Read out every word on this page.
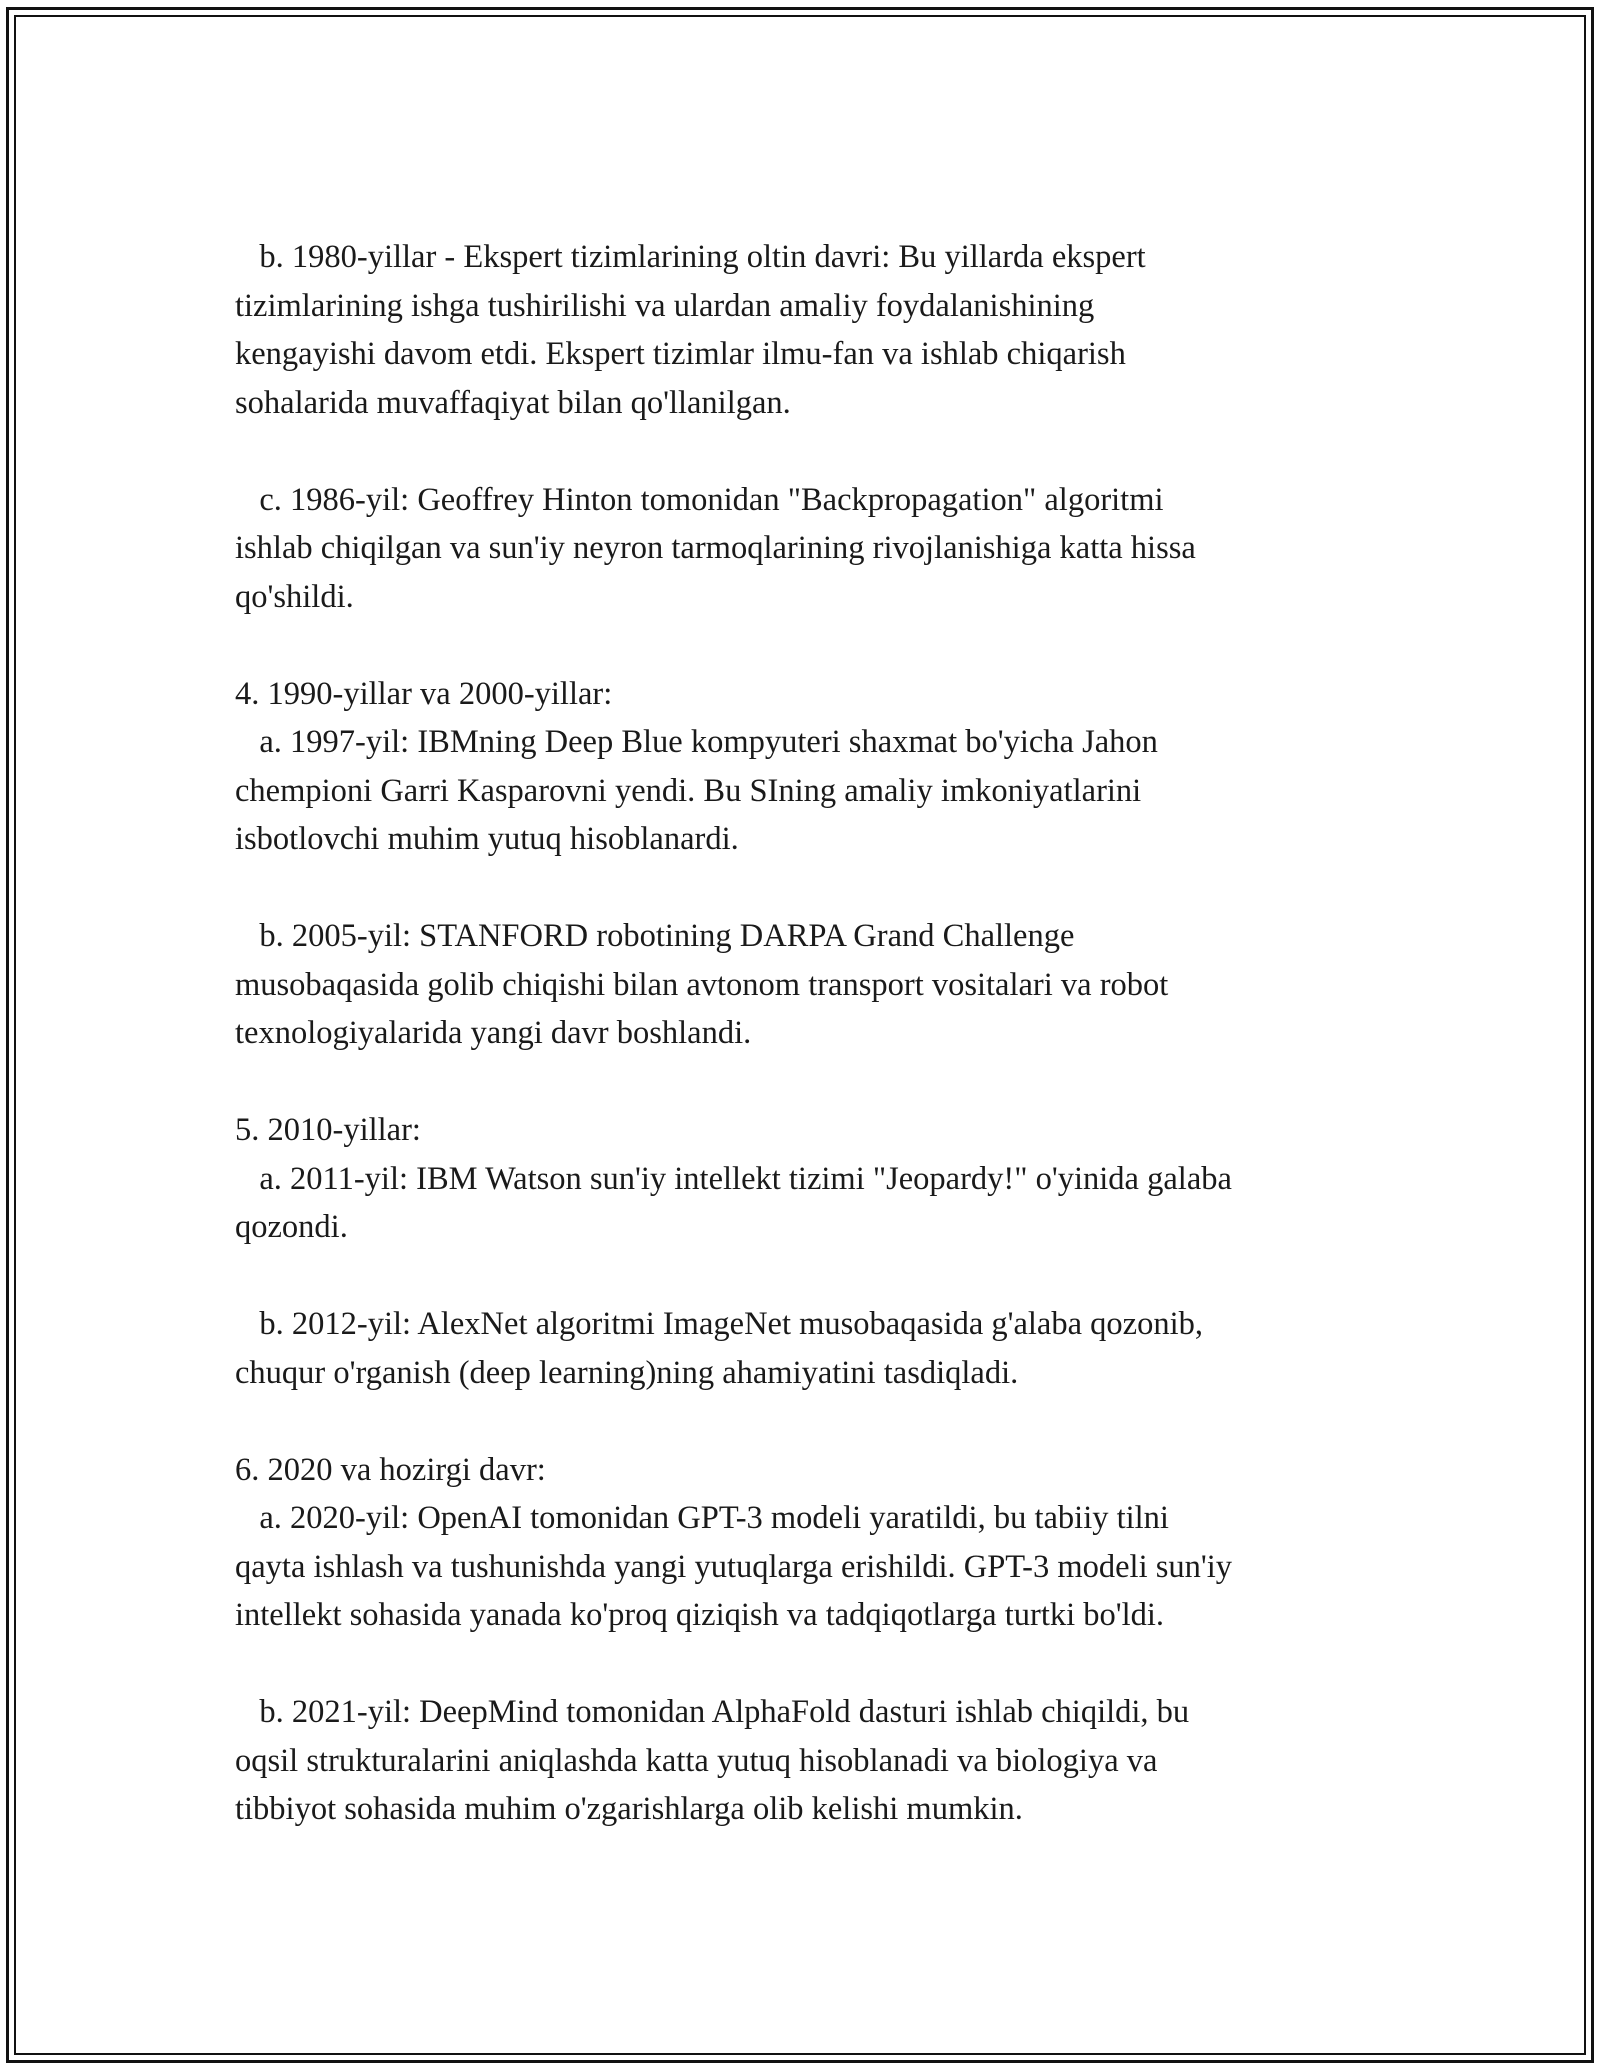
b. 1980-yillar - Ekspert tizimlarining oltin davri: Bu yillarda ekspert
tizimlarining ishga tushirilishi va ulardan amaliy foydalanishining
kengayishi davom etdi. Ekspert tizimlar ilmu-fan va ishlab chiqarish
sohalarida muvaffaqiyat bilan qo'llanilgan.
c. 1986-yil: Geoffrey Hinton tomonidan "Backpropagation" algoritmi
ishlab chiqilgan va sun'iy neyron tarmoqlarining rivojlanishiga katta hissa
qo'shildi.
4. 1990-yillar va 2000-yillar:
a. 1997-yil: IBMning Deep Blue kompyuteri shaxmat bo'yicha Jahon
chempioni Garri Kasparovni yendi. Bu SIning amaliy imkoniyatlarini
isbotlovchi muhim yutuq hisoblanardi.
b. 2005-yil: STANFORD robotining DARPA Grand Challenge
musobaqasida golib chiqishi bilan avtonom transport vositalari va robot
texnologiyalarida yangi davr boshlandi.
5. 2010-yillar:
a. 2011-yil: IBM Watson sun'iy intellekt tizimi "Jeopardy!" o'yinida galaba
qozondi.
b. 2012-yil: AlexNet algoritmi ImageNet musobaqasida g'alaba qozonib,
chuqur o'rganish (deep learning)ning ahamiyatini tasdiqladi.
6. 2020 va hozirgi davr:
a. 2020-yil: OpenAI tomonidan GPT-3 modeli yaratildi, bu tabiiy tilni
qayta ishlash va tushunishda yangi yutuqlarga erishildi. GPT-3 modeli sun'iy
intellekt sohasida yanada ko'proq qiziqish va tadqiqotlarga turtki bo'ldi.
b. 2021-yil: DeepMind tomonidan AlphaFold dasturi ishlab chiqildi, bu
oqsil strukturalarini aniqlashda katta yutuq hisoblanadi va biologiya va
tibbiyot sohasida muhim o'zgarishlarga olib kelishi mumkin.
